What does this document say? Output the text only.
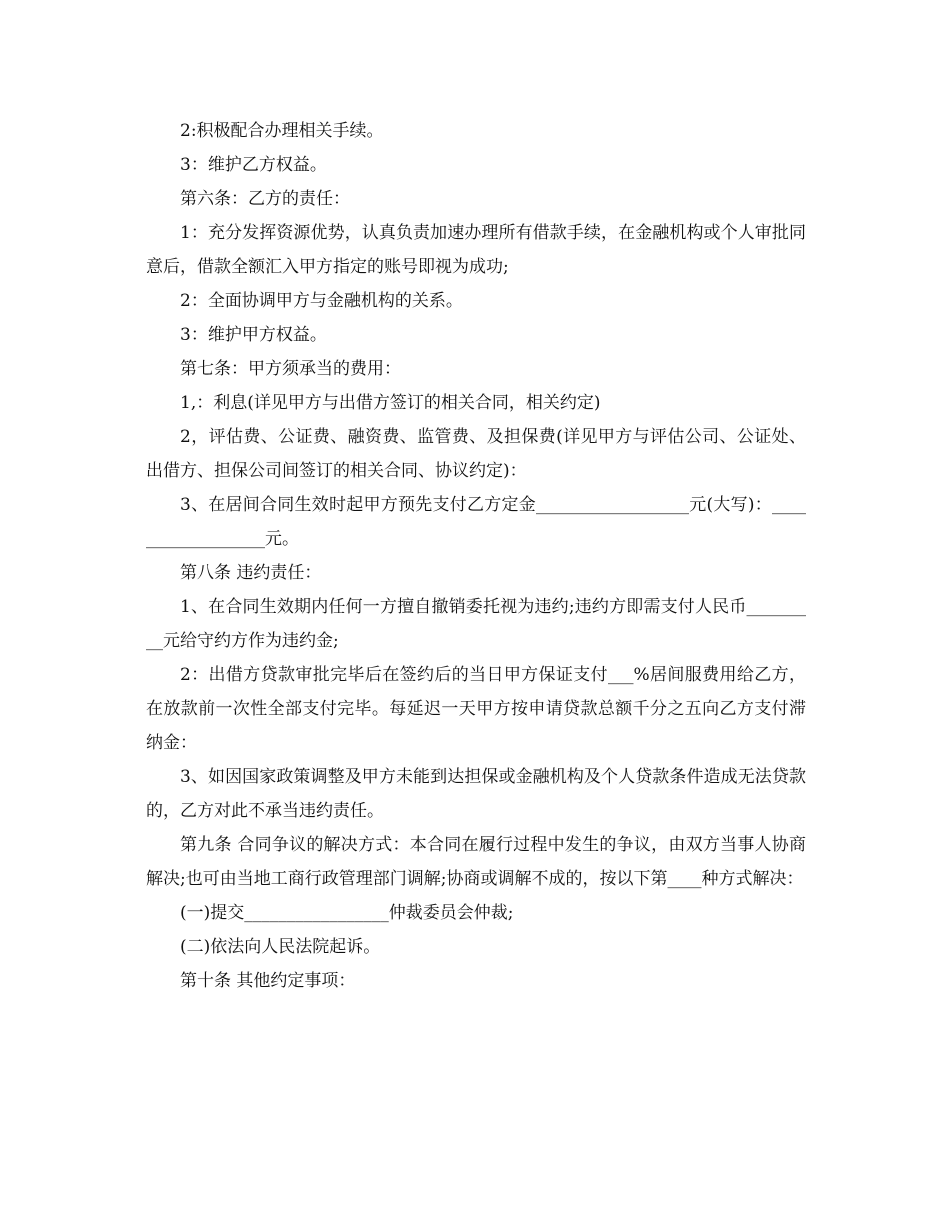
2:积极配合办理相关手续。

3：维护乙方权益。

第六条：乙方的责任：

1：充分发挥资源优势，认真负责加速办理所有借款手续，在金融机构或个人审批同意后，借款全额汇入甲方指定的账号即视为成功;

2：全面协调甲方与金融机构的关系。

3：维护甲方权益。

第七条：甲方须承当的费用：

1,：利息(详见甲方与出借方签订的相关合同，相关约定)

2，评估费、公证费、融资费、监管费、及担保费(详见甲方与评估公司、公证处、出借方、担保公司间签订的相关合同、协议约定)：

3、在居间合同生效时起甲方预先支付乙方定金__________________元(大写)：__________________元。

第八条 违约责任：

1、在合同生效期内任何一方擅自撤销委托视为违约;违约方即需支付人民币_________元给守约方作为违约金;

2：出借方贷款审批完毕后在签约后的当日甲方保证支付___%居间服费用给乙方，在放款前一次性全部支付完毕。每延迟一天甲方按申请贷款总额千分之五向乙方支付滞纳金：

3、如因国家政策调整及甲方未能到达担保或金融机构及个人贷款条件造成无法贷款的，乙方对此不承当违约责任。

第九条 合同争议的解决方式：本合同在履行过程中发生的争议，由双方当事人协商解决;也可由当地工商行政管理部门调解;协商或调解不成的，按以下第____种方式解决：

(一)提交_________________仲裁委员会仲裁;

(二)依法向人民法院起诉。

第十条 其他约定事项：
